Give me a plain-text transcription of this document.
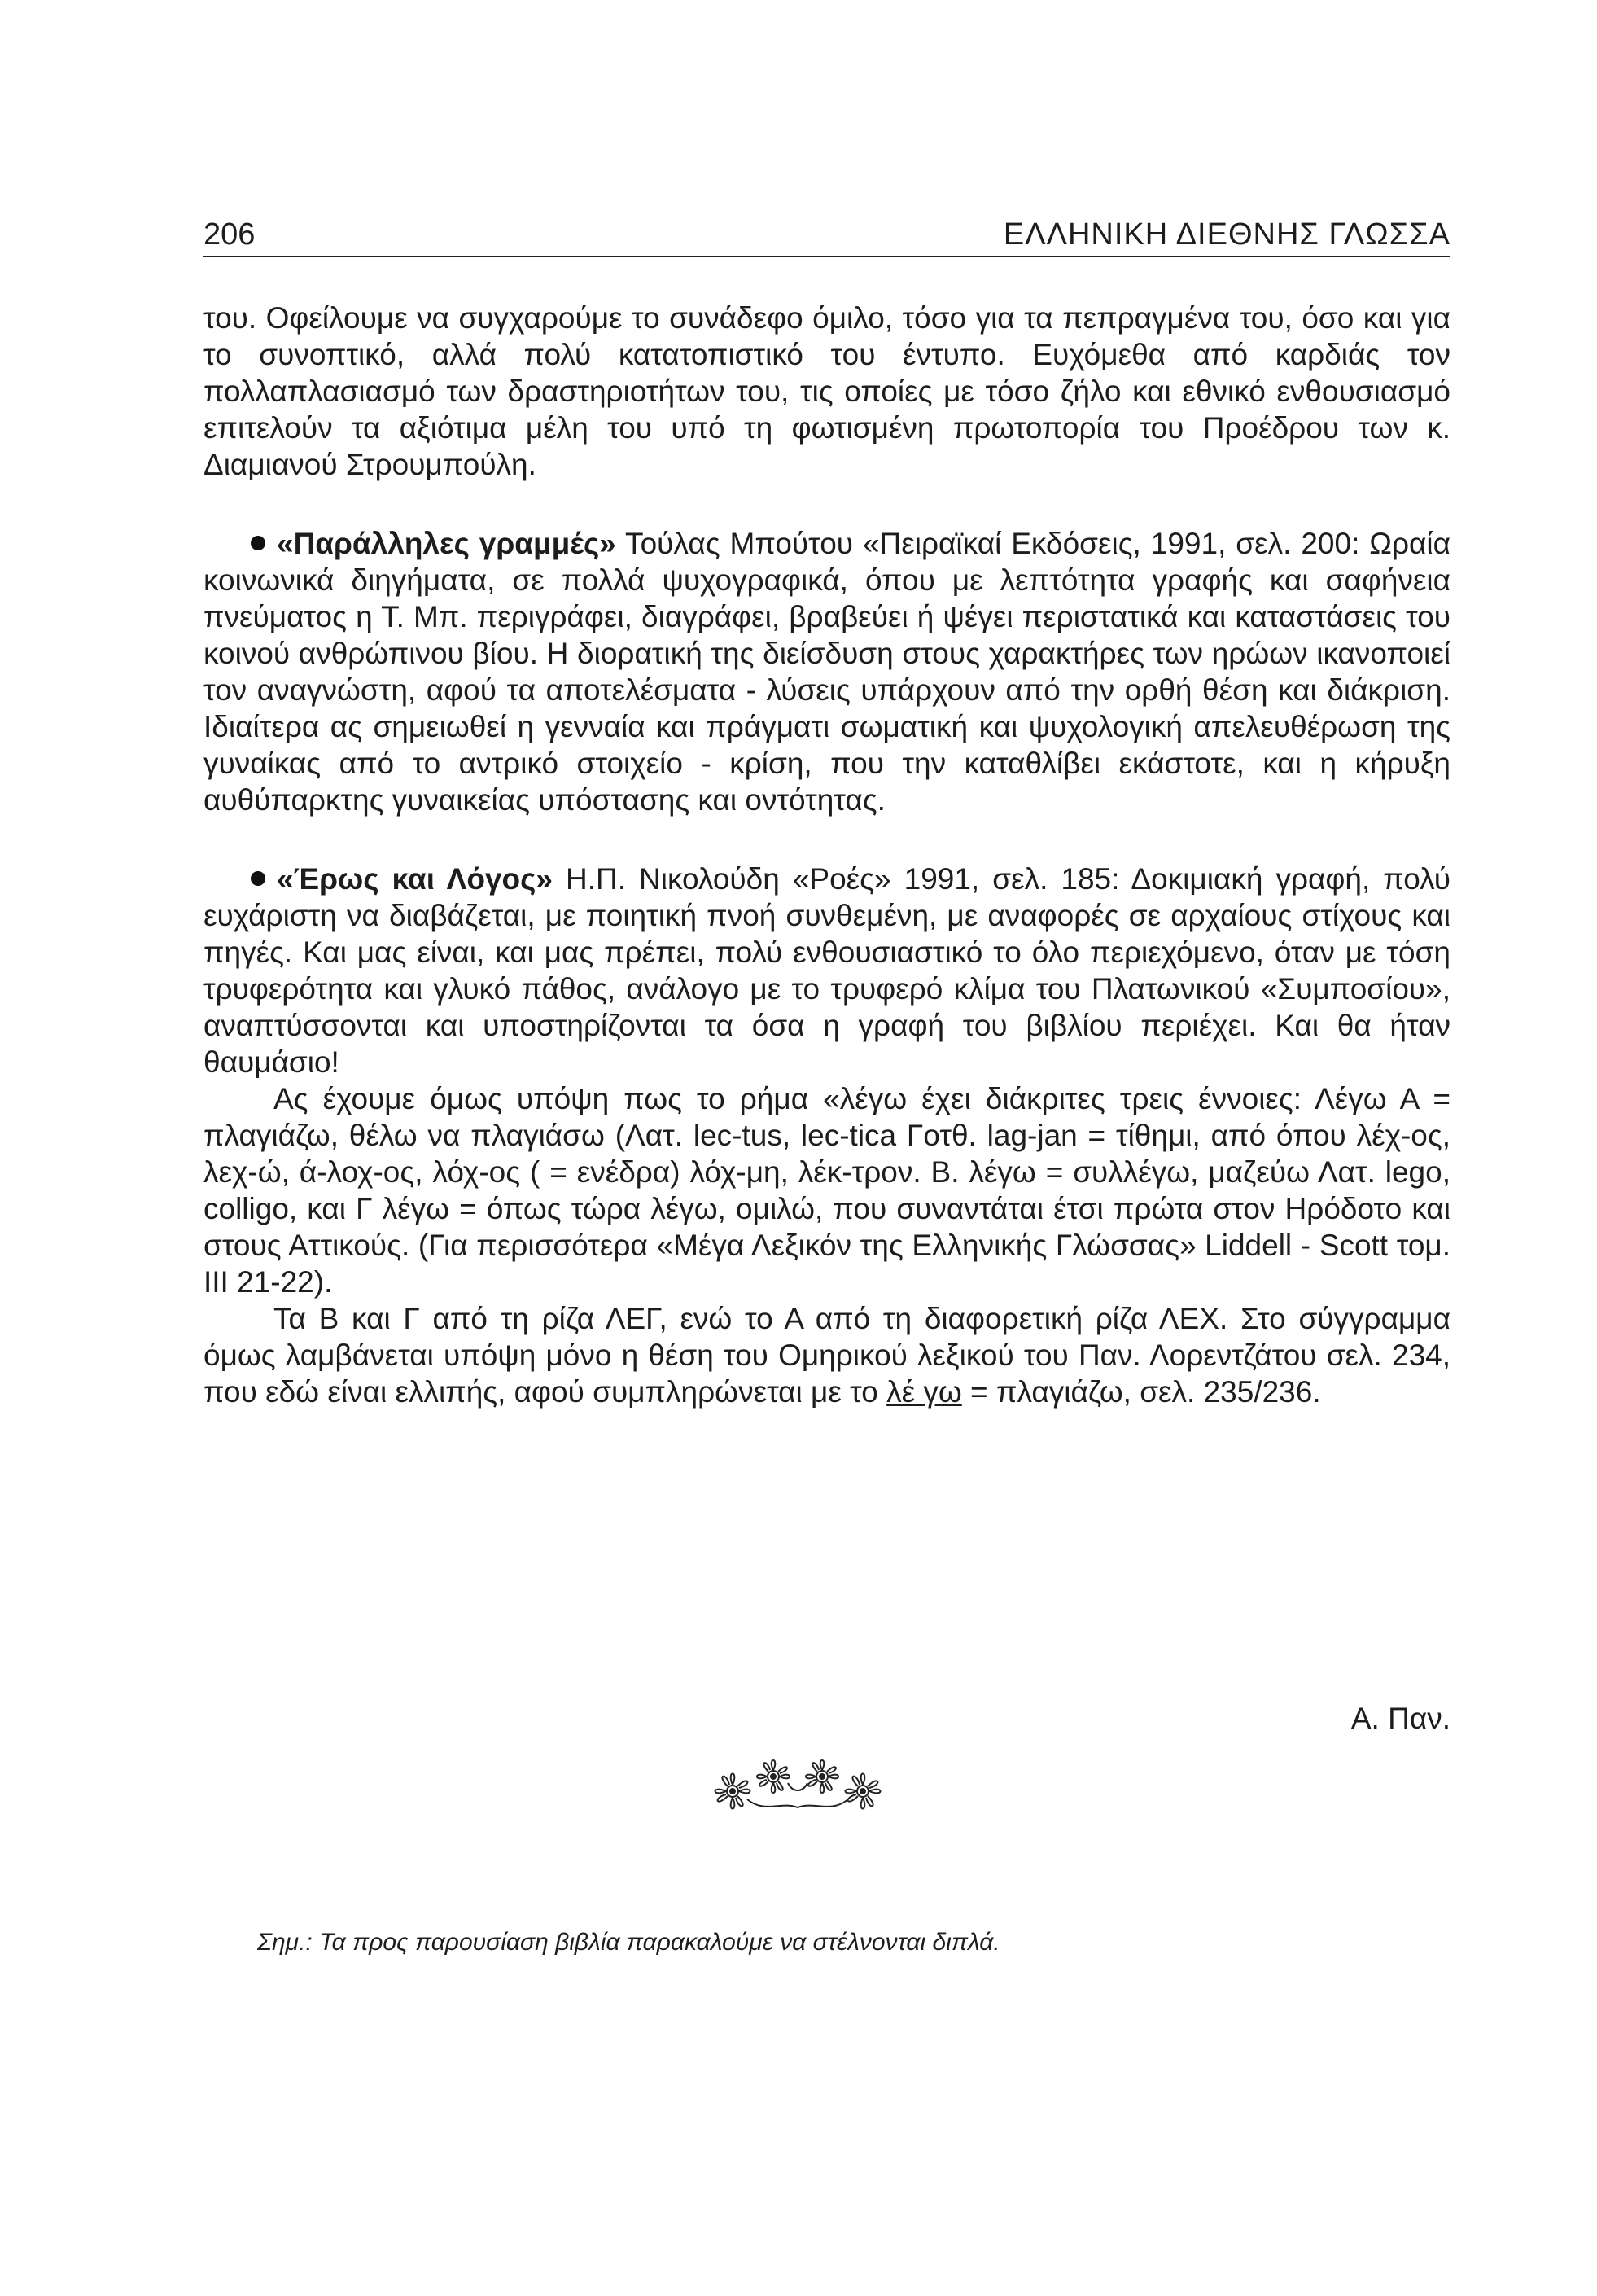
206	ΕΛΛΗΝΙΚΗ ΔΙΕΘΝΗΣ ΓΛΩΣΣΑ

του. Οφείλουμε να συγχαρούμε το συνάδεφο όμιλο, τόσο για τα πεπραγμένα του, όσο και για το συνοπτικό, αλλά πολύ κατατοπιστικό του έντυπο. Ευχόμεθα από καρδιάς τον πολλαπλασιασμό των δραστηριοτήτων του, τις οποίες με τόσο ζήλο και εθνικό ενθουσιασμό επιτελούν τα αξιότιμα μέλη του υπό τη φωτισμένη πρωτοπορία του Προέδρου των κ. Διαμιανού Στρουμπούλη.

«Παράλληλες γραμμές» Τούλας Μπούτου «Πειραϊκαί Εκδόσεις, 1991, σελ. 200: Ωραία κοινωνικά διηγήματα, σε πολλά ψυχογραφικά, όπου με λεπτότητα γραφής και σαφήνεια πνεύματος η Τ. Μπ. περιγράφει, διαγράφει, βραβεύει ή ψέγει περιστατικά και καταστάσεις του κοινού ανθρώπινου βίου. Η διορατική της διείσδυση στους χαρακτήρες των ηρώων ικανοποιεί τον αναγνώστη, αφού τα αποτελέσματα - λύσεις υπάρχουν από την ορθή θέση και διάκριση. Ιδιαίτερα ας σημειωθεί η γενναία και πράγματι σωματική και ψυχολογική απελευθέρωση της γυναίκας από το αντρικό στοιχείο - κρίση, που την καταθλίβει εκάστοτε, και η κήρυξη αυθύπαρκτης γυναικείας υπόστασης και οντότητας.

«Έρως και Λόγος» Η.Π. Νικολούδη «Ροές» 1991, σελ. 185: Δοκιμιακή γραφή, πολύ ευχάριστη να διαβάζεται, με ποιητική πνοή συνθεμένη, με αναφορές σε αρχαίους στίχους και πηγές. Και μας είναι, και μας πρέπει, πολύ ενθουσιαστικό το όλο περιεχόμενο, όταν με τόση τρυφερότητα και γλυκό πάθος, ανάλογο με το τρυφερό κλίμα του Πλατωνικού «Συμποσίου», αναπτύσσονται και υποστηρίζονται τα όσα η γραφή του βιβλίου περιέχει. Και θα ήταν θαυμάσιο!

Ας έχουμε όμως υπόψη πως το ρήμα «λέγω έχει διάκριτες τρεις έννοιες: Λέγω Α = πλαγιάζω, θέλω να πλαγιάσω (Λατ. lec-tus, lec-tica Γοτθ. lag-jan = τίθημι, από όπου λέχ-ος, λεχ-ώ, ά-λοχ-ος, λόχ-ος ( = ενέδρα) λόχ-μη, λέκ-τρον. Β. λέγω = συλλέγω, μαζεύω Λατ. lego, colligo, και Γ λέγω = όπως τώρα λέγω, ομιλώ, που συναντάται έτσι πρώτα στον Ηρόδοτο και στους Αττικούς. (Για περισσότερα «Μέγα Λεξικόν της Ελληνικής Γλώσσας» Liddell - Scott τομ. III 21-22).

Τα Β και Γ από τη ρίζα ΛΕΓ, ενώ το Α από τη διαφορετική ρίζα ΛΕΧ. Στο σύγγραμμα όμως λαμβάνεται υπόψη μόνο η θέση του Ομηρικού λεξικού του Παν. Λορεντζάτου σελ. 234, που εδώ είναι ελλιπής, αφού συμπληρώνεται με το λέ γω = πλαγιάζω, σελ. 235/236.

Α. Παν.
Σημ.: Τα προς παρουσίαση βιβλία παρακαλούμε να στέλνονται διπλά.
